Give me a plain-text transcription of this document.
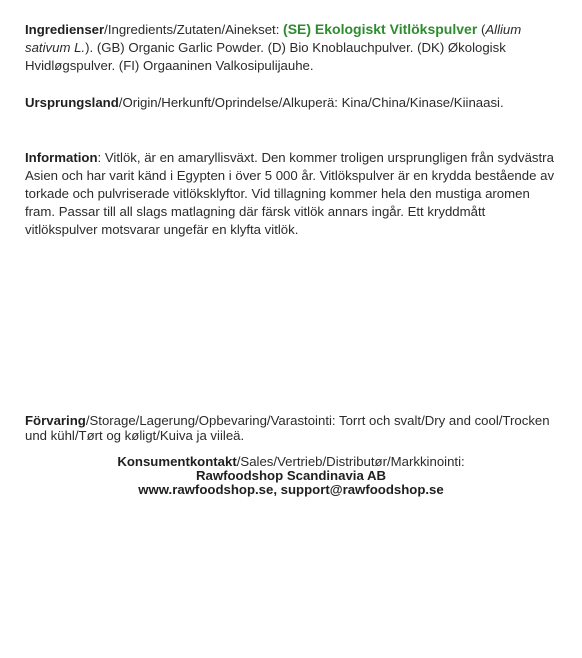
Ingredienser/Ingredients/Zutaten/Ainekset: (SE) Ekologiskt Vitlökspulver (Allium sativum L.). (GB) Organic Garlic Powder. (D) Bio Knoblauchpulver. (DK) Økologisk Hvidløgspulver. (FI) Orgaaninen Valkosipulijauhe.
Ursprungsland/Origin/Herkunft/Oprindelse/Alkuperä: Kina/China/Kinase/Kiinaasi.
Information: Vitlök, är en amaryllisväxt. Den kommer troligen ursprungligen från sydvästra Asien och har varit känd i Egypten i över 5 000 år. Vitlökspulver är en krydda bestående av torkade och pulvriserade vitlöksklyftor. Vid tillagning kommer hela den mustiga aromen fram. Passar till all slags matlagning där färsk vitlök annars ingår. Ett kryddmått vitlökspulver motsvarar ungefär en klyfta vitlök.
Förvaring/Storage/Lagerung/Opbevaring/Varastointi: Torrt och svalt/Dry and cool/Trocken und kühl/Tørt og køligt/Kuiva ja viileä.
Konsumentkontakt/Sales/Vertrieb/Distributør/Markkinointi:
Rawfoodshop Scandinavia AB
www.rawfoodshop.se, support@rawfoodshop.se
